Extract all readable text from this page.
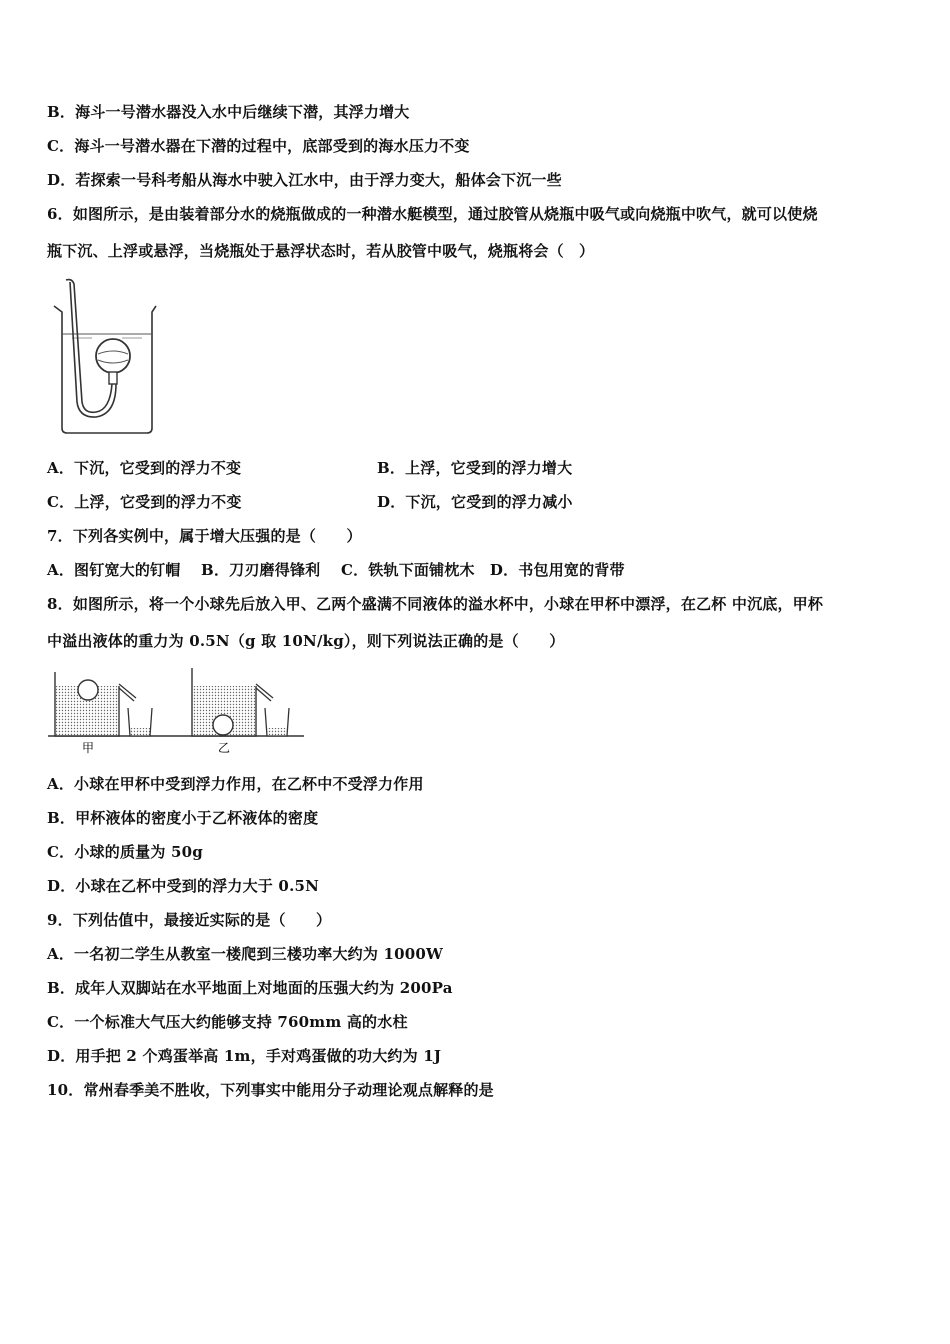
B．海斗一号潜水器没入水中后继续下潜，其浮力增大
C．海斗一号潜水器在下潜的过程中，底部受到的海水压力不变
D．若探索一号科考船从海水中驶入江水中，由于浮力变大，船体会下沉一些
6．如图所示，是由装着部分水的烧瓶做成的一种潜水艇模型，通过胶管从烧瓶中吸气或向烧瓶中吹气，就可以使烧
瓶下沉、上浮或悬浮，当烧瓶处于悬浮状态时，若从胶管中吸气，烧瓶将会（　）
A．下沉，它受到的浮力不变	B．上浮，它受到的浮力增大
C．上浮，它受到的浮力不变	D．下沉，它受到的浮力减小
7．下列各实例中，属于增大压强的是（　　）
A．图钉宽大的钉帽　 B．刀刃磨得锋利　 C．铁轨下面铺枕木　D．书包用宽的背带
8．如图所示，将一个小球先后放入甲、乙两个盛满不同液体的溢水杯中，小球在甲杯中漂浮，在乙杯 中沉底，甲杯
中溢出液体的重力为 0.5N（g 取 10N/kg），则下列说法正确的是（　　）
甲	乙
A．小球在甲杯中受到浮力作用，在乙杯中不受浮力作用
B．甲杯液体的密度小于乙杯液体的密度
C．小球的质量为 50g
D．小球在乙杯中受到的浮力大于 0.5N
9．下列估值中，最接近实际的是（　　）
A．一名初二学生从教室一楼爬到三楼功率大约为 1000W
B．成年人双脚站在水平地面上对地面的压强大约为 200Pa
C．一个标准大气压大约能够支持 760mm 高的水柱
D．用手把 2 个鸡蛋举高 1m，手对鸡蛋做的功大约为 1J
10．常州春季美不胜收，下列事实中能用分子动理论观点解释的是
